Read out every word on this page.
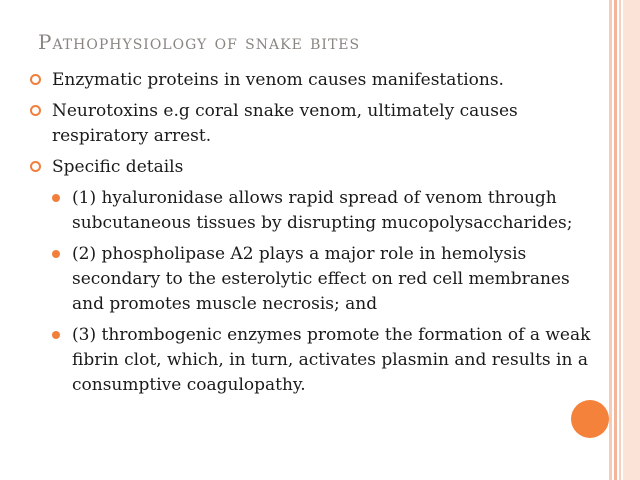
Pathophysiology of snake bites
Enzymatic proteins in venom causes manifestations.
Neurotoxins e.g coral snake venom, ultimately causes respiratory arrest.
Specific details
(1) hyaluronidase allows rapid spread of venom through subcutaneous tissues by disrupting mucopolysaccharides;
(2) phospholipase A2 plays a major role in hemolysis secondary to the esterolytic effect on red cell membranes and promotes muscle necrosis; and
(3) thrombogenic enzymes promote the formation of a weak fibrin clot, which, in turn, activates plasmin and results in a consumptive coagulopathy.
